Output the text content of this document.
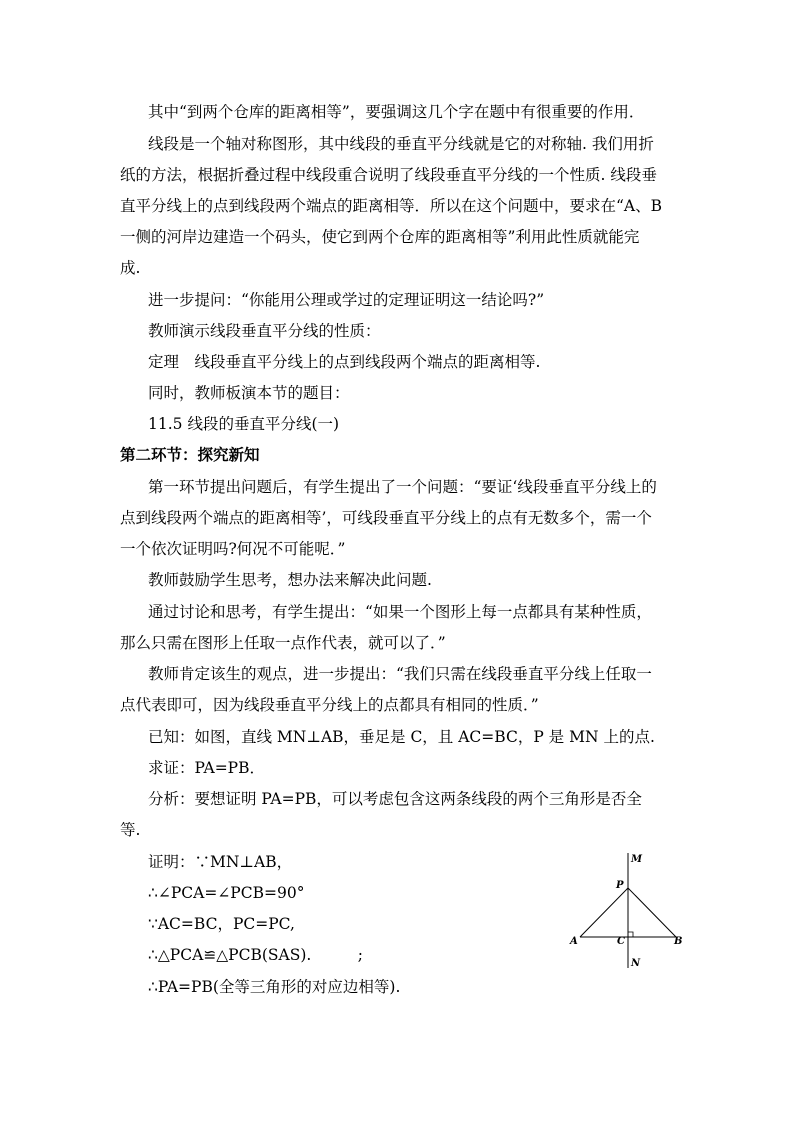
其中“到两个仓库的距离相等”，要强调这几个字在题中有很重要的作用．
线段是一个轴对称图形，其中线段的垂直平分线就是它的对称轴. 我们用折
纸的方法，根据折叠过程中线段重合说明了线段垂直平分线的一个性质. 线段垂
直平分线上的点到线段两个端点的距离相等．所以在这个问题中，要求在“A、B
一侧的河岸边建造一个码头，使它到两个仓库的距离相等”利用此性质就能完
成.
进一步提问：“你能用公理或学过的定理证明这一结论吗?”
教师演示线段垂直平分线的性质：
定理　线段垂直平分线上的点到线段两个端点的距离相等.
同时，教师板演本节的题目：
11.5 线段的垂直平分线(一)
第二环节：探究新知
第一环节提出问题后，有学生提出了一个问题：“要证‘线段垂直平分线上的
点到线段两个端点的距离相等’，可线段垂直平分线上的点有无数多个，需一个
一个依次证明吗?何况不可能呢．”
教师鼓励学生思考，想办法来解决此问题.
通过讨论和思考，有学生提出：“如果一个图形上每一点都具有某种性质，
那么只需在图形上任取一点作代表，就可以了．”
教师肯定该生的观点，进一步提出：“我们只需在线段垂直平分线上任取一
点代表即可，因为线段垂直平分线上的点都具有相同的性质．”
已知：如图，直线 MN⊥AB，垂足是 C，且 AC=BC，P 是 MN 上的点.
求证：PA=PB．
分析：要想证明 PA=PB，可以考虑包含这两条线段的两个三角形是否全
等.
证明：∵MN⊥AB，
∴∠PCA=∠PCB=90°
∵AC=BC，PC=PC,
∴△PCA≌△PCB(SAS).　　　;
∴PA=PB(全等三角形的对应边相等).
M
P
A	C	B
N
